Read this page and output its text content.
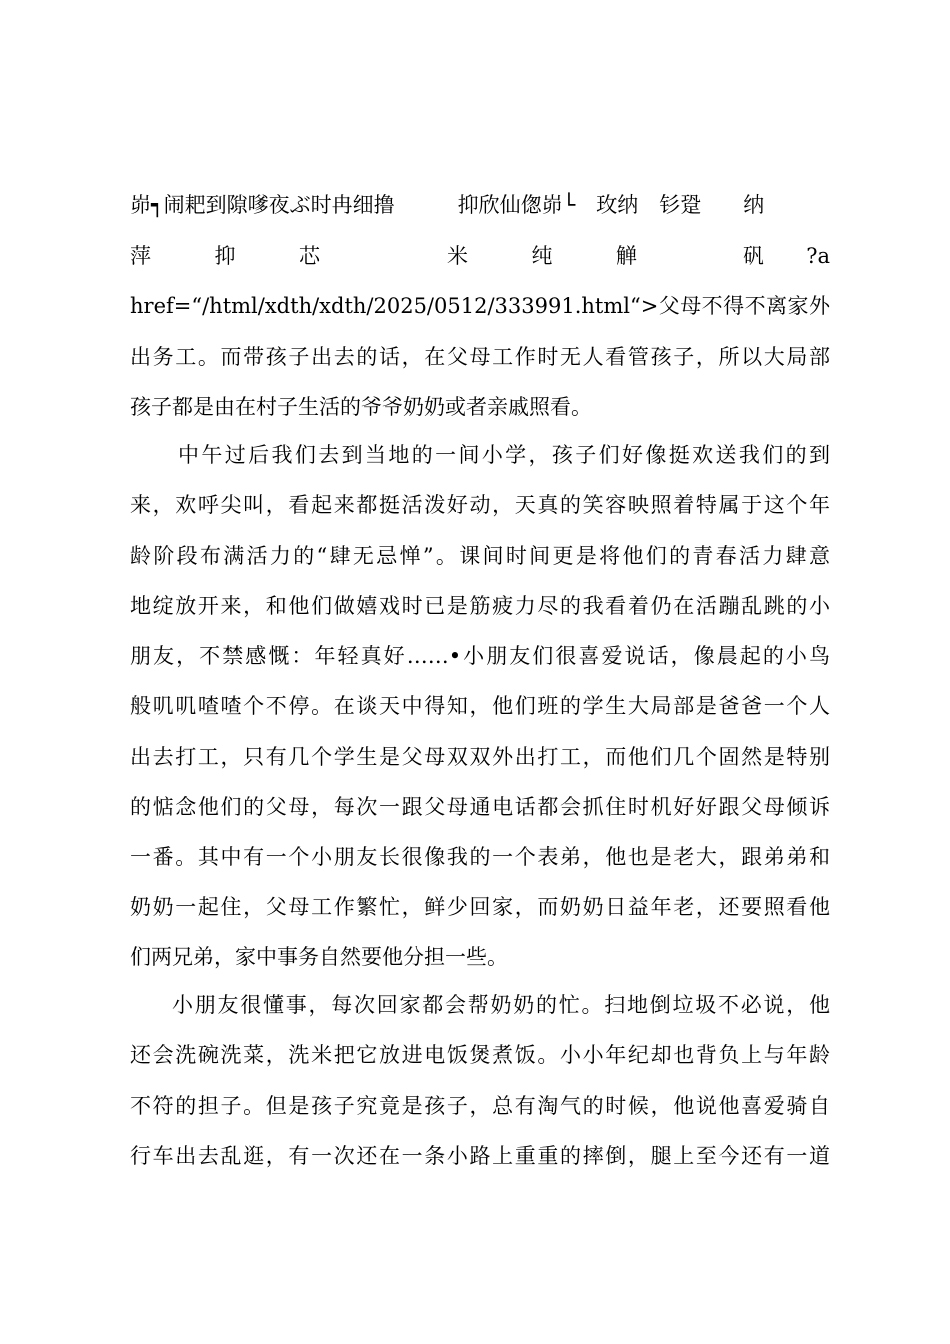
峁┑闹耙到隙嗲夜ぶ时冉细撸　　　抑欣仙偬峁└　玫纳　钐跫　　纳
萍　　　抑　　　芯　　　　　　米　　　纯　　　觯　　　　　矾　　?a
href=“/html/xdth/xdth/2025/0512/333991.html“>父母不得不离家外
出务工。而带孩子出去的话，在父母工作时无人看管孩子，所以大局部
孩子都是由在村子生活的爷爷奶奶或者亲戚照看。
中午过后我们去到当地的一间小学，孩子们好像挺欢送我们的到
来，欢呼尖叫，看起来都挺活泼好动，天真的笑容映照着特属于这个年
龄阶段布满活力的“肆无忌惮”。课间时间更是将他们的青春活力肆意
地绽放开来，和他们做嬉戏时已是筋疲力尽的我看着仍在活蹦乱跳的小
朋友，不禁感慨：年轻真好……•小朋友们很喜爱说话，像晨起的小鸟
般叽叽喳喳个不停。在谈天中得知，他们班的学生大局部是爸爸一个人
出去打工，只有几个学生是父母双双外出打工，而他们几个固然是特别
的惦念他们的父母，每次一跟父母通电话都会抓住时机好好跟父母倾诉
一番。其中有一个小朋友长很像我的一个表弟，他也是老大，跟弟弟和
奶奶一起住，父母工作繁忙，鲜少回家，而奶奶日益年老，还要照看他
们两兄弟，家中事务自然要他分担一些。
小朋友很懂事，每次回家都会帮奶奶的忙。扫地倒垃圾不必说，他
还会洗碗洗菜，洗米把它放进电饭煲煮饭。小小年纪却也背负上与年龄
不符的担子。但是孩子究竟是孩子，总有淘气的时候，他说他喜爱骑自
行车出去乱逛，有一次还在一条小路上重重的摔倒，腿上至今还有一道
